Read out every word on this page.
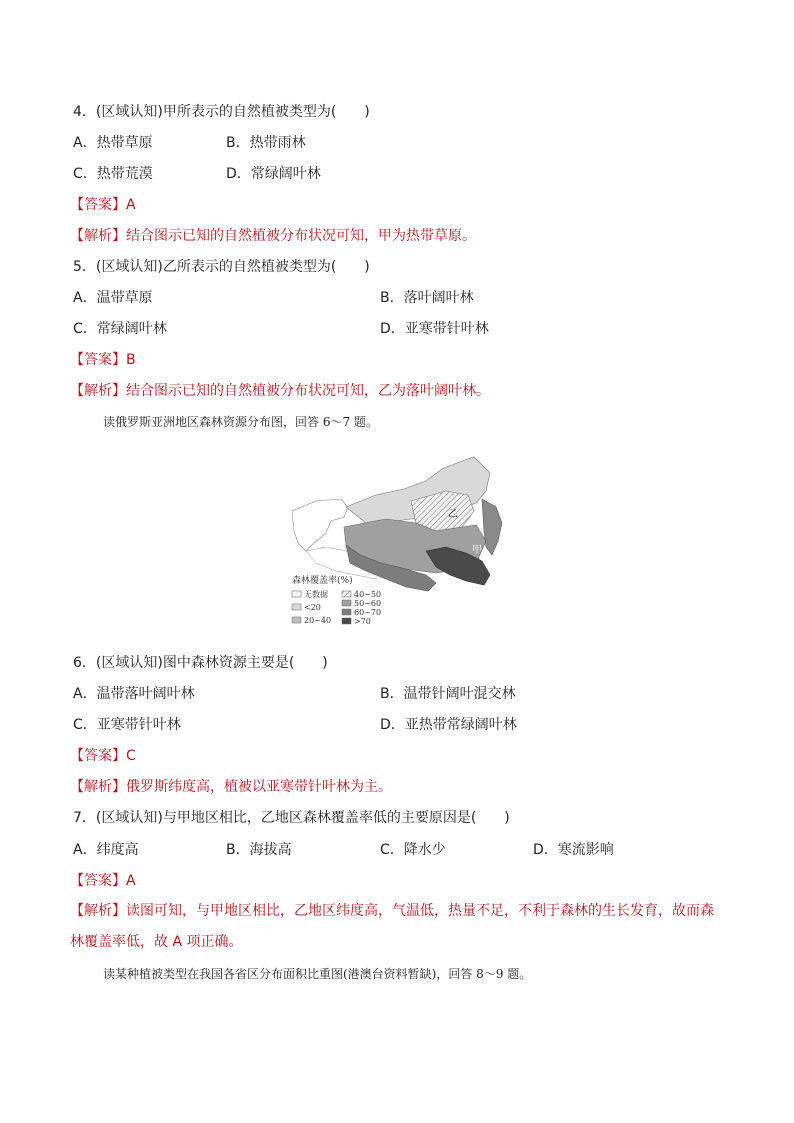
4．(区域认知)甲所表示的自然植被类型为(　　)
A．热带草原	B．热带雨林
C．热带荒漠	D．常绿阔叶林
【答案】A
【解析】结合图示已知的自然植被分布状况可知，甲为热带草原。
5．(区域认知)乙所表示的自然植被类型为(　　)
A．温带草原	B．落叶阔叶林
C．常绿阔叶林	D．亚寒带针叶林
【答案】B
【解析】结合图示已知的自然植被分布状况可知，乙为落叶阔叶林。
读俄罗斯亚洲地区森林资源分布图，回答 6～7 题。
乙
甲
森林覆盖率(%)
无数据
<20
20~40
40~50
50~60
60~70
>70
6．(区域认知)图中森林资源主要是(　　)
A．温带落叶阔叶林	B．温带针阔叶混交林
C．亚寒带针叶林	D．亚热带常绿阔叶林
【答案】C
【解析】俄罗斯纬度高，植被以亚寒带针叶林为主。
7．(区域认知)与甲地区相比，乙地区森林覆盖率低的主要原因是(　　)
A．纬度高	B．海拔高	C．降水少	D．寒流影响
【答案】A
【解析】读图可知，与甲地区相比，乙地区纬度高，气温低，热量不足，不利于森林的生长发育，故而森林覆盖率低，故 A 项正确。
读某种植被类型在我国各省区分布面积比重图(港澳台资料暂缺)，回答 8～9 题。
